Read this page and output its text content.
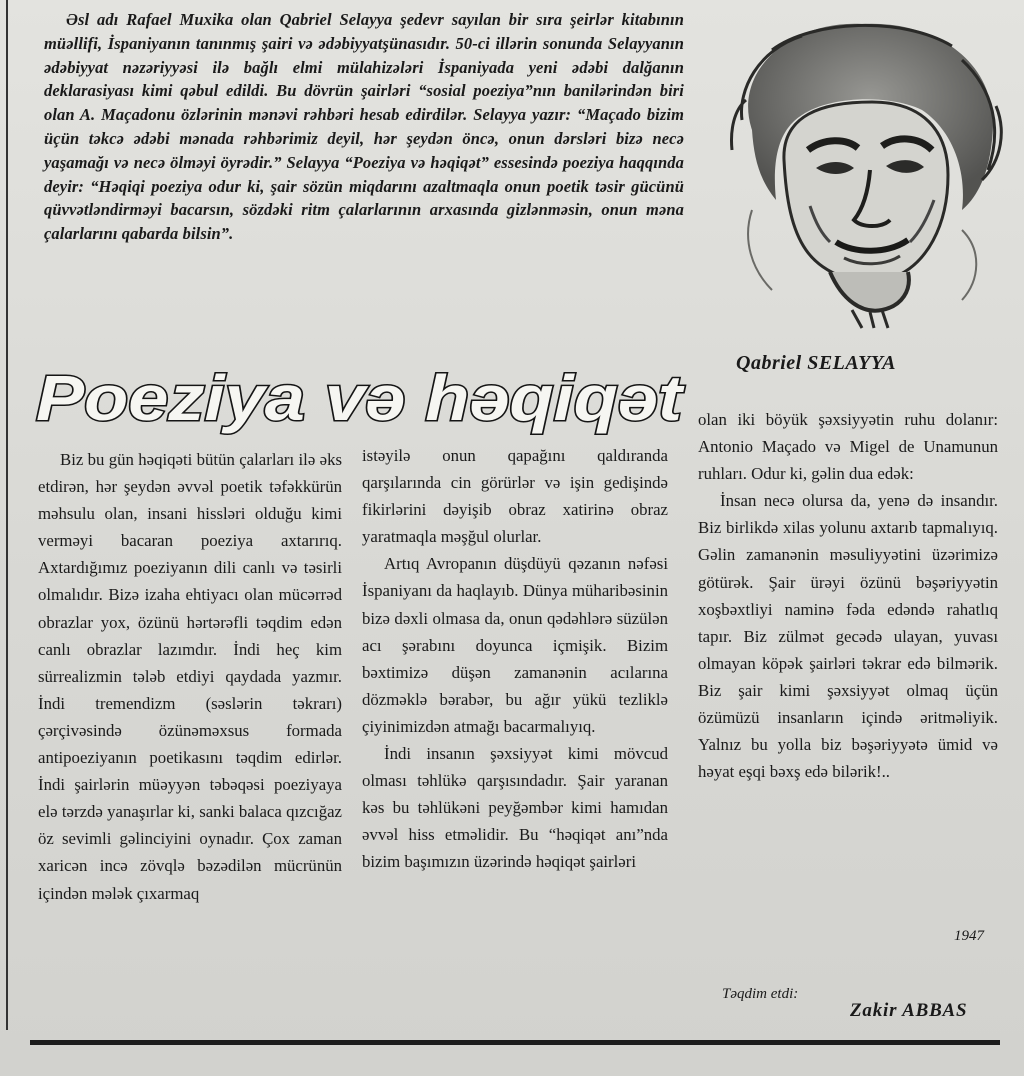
Əsl adı Rafael Muxika olan Qabriel Selayya şedevr sayılan bir sıra şeirlər kitabının müəllifi, İspaniyanın tanınmış şairi və ədəbiyyatşünasıdır. 50-ci illərin sonunda Selayyanın ədəbiyyat nəzəriyyəsi ilə bağlı elmi mülahizələri İspaniyada yeni ədəbi dalğanın deklarasiyası kimi qəbul edildi. Bu dövrün şairləri “sosial poeziya”nın banilərindən biri olan A. Maçadonu özlərinin mənəvi rəhbəri hesab edirdilər. Selayya yazır: “Maçado bizim üçün təkcə ədəbi mənada rəhbərimiz deyil, hər şeydən öncə, onun dərsləri bizə necə yaşamağı və necə ölməyi öyrədir.” Selayya “Poeziya və həqiqət” essesində poeziya haqqında deyir: “Həqiqi poeziya odur ki, şair sözün miqdarını azaltmaqla onun poetik təsir gücünü qüvvətləndirməyi bacarsın, sözdəki ritm çalarlarının arxasında gizlənməsin, onun məna çalarlarını qabarda bilsin”.
Qabriel SELAYYA
Poeziya və həqiqət

Biz bu gün həqiqəti bütün çalarları ilə əks etdirən, hər şeydən əvvəl poetik təfəkkürün məhsulu olan, insani hissləri olduğu kimi verməyi bacaran poeziya axtarırıq. Axtardığımız poeziyanın dili canlı və təsirli olmalıdır. Bizə izaha ehtiyacı olan mücərrəd obrazlar yox, özünü hərtərəfli təqdim edən canlı obrazlar lazımdır. İndi heç kim sürrealizmin tələb etdiyi qaydada yazmır. İndi tremendizm (səslərin təkrarı) çərçivəsində özünəməxsus formada antipoeziyanın poetikasını təqdim edirlər. İndi şairlərin müəyyən təbəqəsi poeziyaya elə tərzdə yanaşırlar ki, sanki balaca qızcığaz öz sevimli gəlinciyini oynadır. Çox zaman xaricən incə zövqlə bəzədilən mücrünün içindən mələk çıxarmaq

istəyilə onun qapağını qaldıranda qarşılarında cin görürlər və işin gedişində fikirlərini dəyişib obraz xatirinə obraz yaratmaqla məşğul olurlar.

Artıq Avropanın düşdüyü qəzanın nəfəsi İspaniyanı da haqlayıb. Dünya müharibəsinin bizə dəxli olmasa da, onun qədəhlərə süzülən acı şərabını doyunca içmişik. Bizim bəxtimizə düşən zamanənin acılarına dözməklə bərabər, bu ağır yükü tezliklə çiyinimizdən atmağı bacarmalıyıq.

İndi insanın şəxsiyyət kimi mövcud olması təhlükə qarşısındadır. Şair yaranan kəs bu təhlükəni peyğəmbər kimi hamıdan əvvəl hiss etməlidir. Bu “həqiqət anı”nda bizim başımızın üzərində həqiqət şairləri

olan iki böyük şəxsiyyətin ruhu dolanır: Antonio Maçado və Migel de Unamunun ruhları. Odur ki, gəlin dua edək:

İnsan necə olursa da, yenə də insandır. Biz birlikdə xilas yolunu axtarıb tapmalıyıq. Gəlin zamanənin məsuliyyətini üzərimizə götürək. Şair ürəyi özünü bəşəriyyətin xoşbəxtliyi naminə fəda edəndə rahatlıq tapır. Biz zülmət gecədə ulayan, yuvası olmayan köpək şairləri təkrar edə bilmərik. Biz şair kimi şəxsiyyət olmaq üçün özümüzü insanların içində əritməliyik. Yalnız bu yolla biz bəşəriyyətə ümid və həyat eşqi bəxş edə bilərik!..

1947
Təqdim etdi:
Zakir ABBAS
